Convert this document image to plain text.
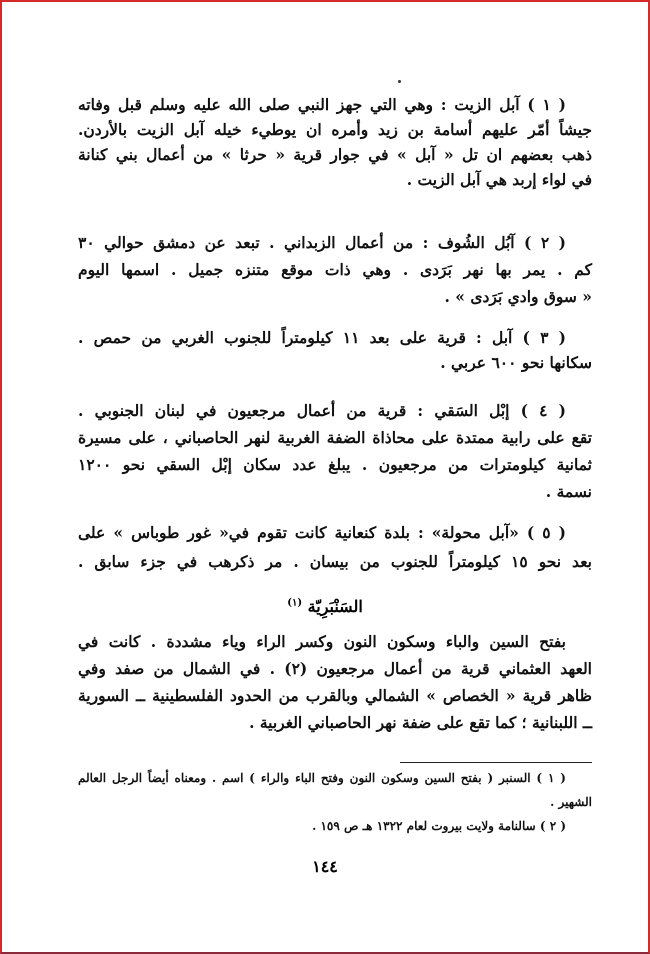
( ١ ) آبل الزيت : وهي التي جهز النبي صلى الله عليه وسلم قبل وفاته
جيشاً أمّر عليهم أسامة بن زيد وأمره ان يوطيء خيله آبل الزيت بالأردن.
ذهب بعضهم ان تل « آبل » في جوار قرية « حرثا » من أعمال بني كنانة
في لواء إربد هي آبل الزيت .
( ٢ ) آبُل الشُوف : من أعمال الزبداني . تبعد عن دمشق حوالي ٣٠
كم . يمر بها نهر بَرَدى . وهي ذات موقع متنزه جميل . اسمها اليوم
« سوق وادي بَرَدى » .
( ٣ ) آبل : قرية على بعد ١١ كيلومتراً للجنوب الغربي من حمص .
سكانها نحو ٦٠٠ عربي .
( ٤ ) إبْل السَقي : قرية من أعمال مرجعيون في لبنان الجنوبي .
تقع على رابية ممتدة على محاذاة الضفة الغربية لنهر الحاصباني ، على مسيرة
ثمانية كيلومترات من مرجعيون . يبلغ عدد سكان إبْل السقي نحو ١٢٠٠
نسمة .
( ٥ ) «آبل محولة» : بلدة كنعانية كانت تقوم في« غور طوباس » على
بعد نحو ١٥ كيلومتراً للجنوب من بيسان . مر ذكرهب في جزء سابق .
السَنْبَرِيّة $^{(١)}$
بفتح السين والباء وسكون النون وكسر الراء وياء مشددة . كانت في
العهد العثماني قرية من أعمال مرجعيون (٢) . في الشمال من صفد وفي
ظاهر قرية « الخصاص » الشمالي وبالقرب من الحدود الفلسطينية ــ السورية
ــ اللبنانية ؛ كما تقع على ضفة نهر الحاصباني الغربية .
( ١ ) السنبر ( بفتح السين وسكون النون وفتح الباء والراء ) اسم . ومعناه أيضاً الرجل العالم
الشهير .
( ٢ ) سالنامة ولايت بيروت لعام ١٣٢٢ هـ ص ١٥٩ .
١٤٤
